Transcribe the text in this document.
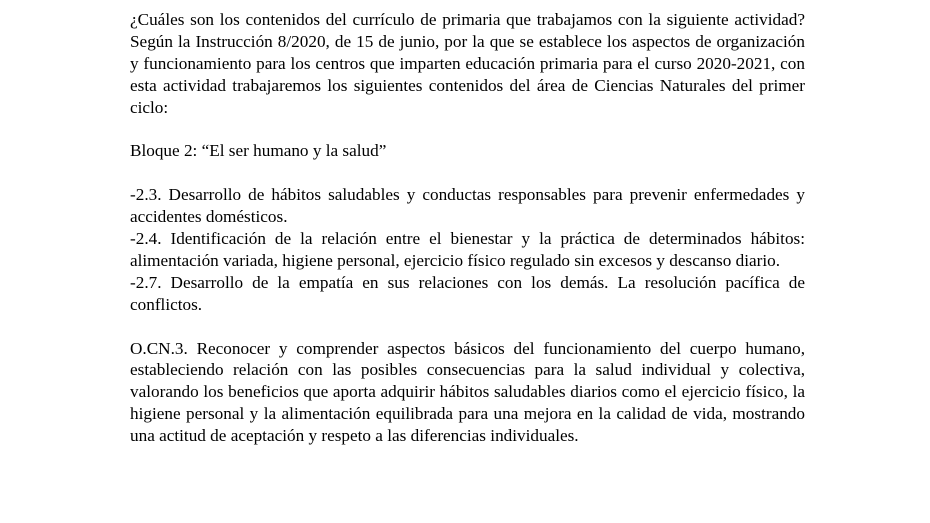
¿Cuáles son los contenidos del currículo de primaria que trabajamos con la siguiente actividad? Según la Instrucción 8/2020, de 15 de junio, por la que se establece los aspectos de organización y funcionamiento para los centros que imparten educación primaria para el curso 2020-2021, con esta actividad trabajaremos los siguientes contenidos del área de Ciencias Naturales del primer ciclo:

Bloque 2: “El ser humano y la salud”

-2.3. Desarrollo de hábitos saludables y conductas responsables para prevenir enfermedades y accidentes domésticos.

-2.4. Identificación de la relación entre el bienestar y la práctica de determinados hábitos: alimentación variada, higiene personal, ejercicio físico regulado sin excesos y descanso diario.

-2.7. Desarrollo de la empatía en sus relaciones con los demás. La resolución pacífica de conflictos.

O.CN.3. Reconocer y comprender aspectos básicos del funcionamiento del cuerpo humano, estableciendo relación con las posibles consecuencias para la salud individual y colectiva, valorando los beneficios que aporta adquirir hábitos saludables diarios como el ejercicio físico, la higiene personal y la alimentación equilibrada para una mejora en la calidad de vida, mostrando una actitud de aceptación y respeto a las diferencias individuales.
